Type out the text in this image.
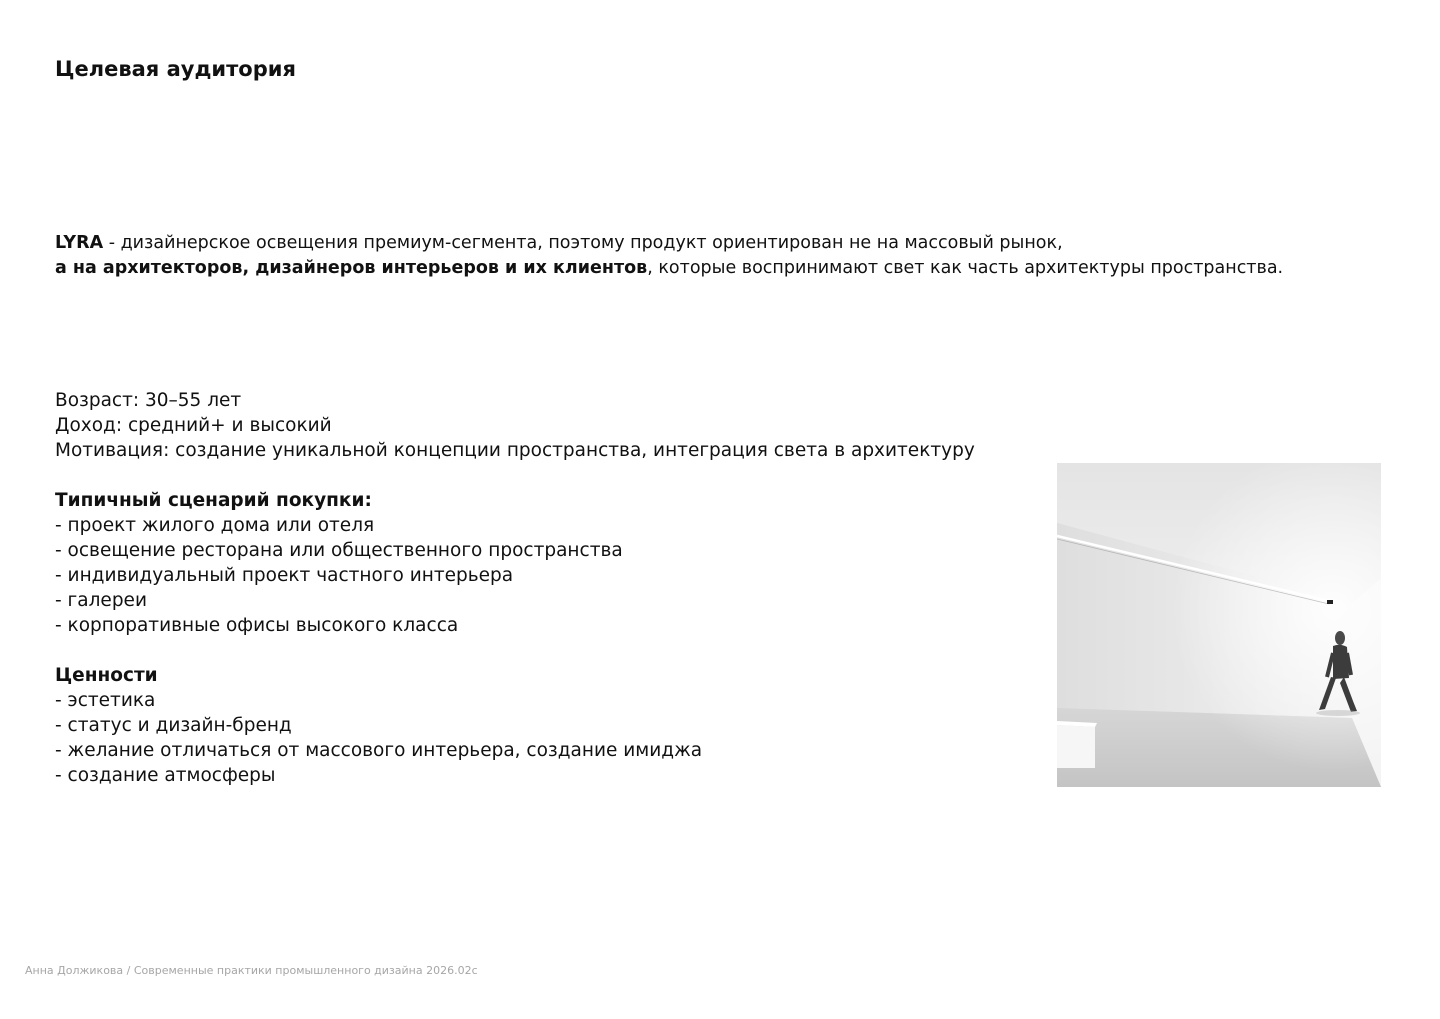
Целевая аудитория

LYRA - дизайнерское освещения премиум-сегмента, поэтому продукт ориентирован не на массовый рынок,
а на архитекторов, дизайнеров интерьеров и их клиентов, которые воспринимают свет как часть архитектуры пространства.

Возраст: 30–55 лет
Доход: средний+ и высокий
Мотивация: создание уникальной концепции пространства, интеграция света в архитектуру
Типичный сценарий покупки:
- проект жилого дома или отеля
- освещение ресторана или общественного пространства
- индивидуальный проект частного интерьера
- галереи
- корпоративные офисы высокого класса
Ценности
- эстетика
- статус и дизайн-бренд
- желание отличаться от массового интерьера, создание имиджа
- создание атмосферы
Анна Должикова / Современные практики промышленного дизайна 2026.02c
